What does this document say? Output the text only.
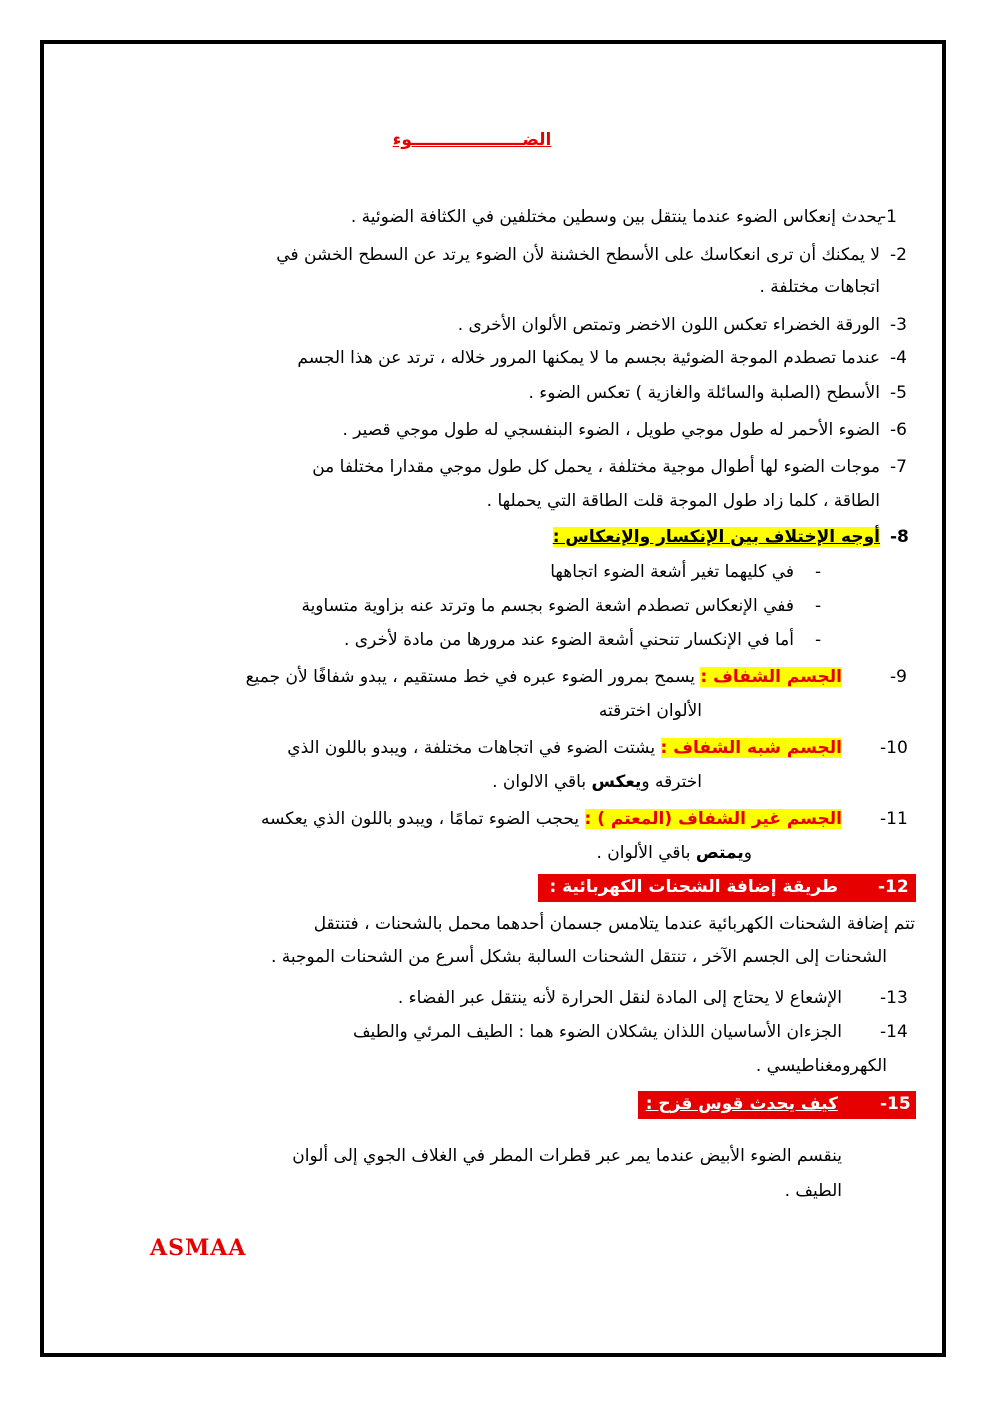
الضـــــــــــــــــــوء
يحدث إنعكاس الضوء عندما ينتقل بين وسطين مختلفين في الكثافة الضوئية .
-1
لا يمكنك أن ترى انعكاسك على الأسطح الخشنة لأن الضوء يرتد عن السطح الخشن في
اتجاهات مختلفة .
-2
الورقة الخضراء تعكس اللون الاخضر وتمتص الألوان الأخرى . -3
عندما تصطدم الموجة الضوئية بجسم ما لا يمكنها المرور خلاله ، ترتد عن هذا الجسم -4
الأسطح (الصلبة والسائلة والغازية ) تعكس الضوء . -5
الضوء الأحمر له طول موجي طويل ، الضوء البنفسجي له طول موجي قصير . -6
موجات الضوء لها أطوال موجية مختلفة ، يحمل كل طول موجي مقدارا مختلفا من
الطاقة ، كلما زاد طول الموجة قلت الطاقة التي يحملها .
-7
أوجه الإختلاف بين الإنكسار والإنعكاس : -8
في كليهما تغير أشعة الضوء اتجاهها -
ففي الإنعكاس تصطدم اشعة الضوء بجسم ما وترتد عنه بزاوية متساوية -
أما في الإنكسار تنحني أشعة الضوء عند مرورها من مادة لأخرى . -
الجسم الشفاف : يسمح بمرور الضوء عبره في خط مستقيم ، يبدو شفافًا لأن جميع
الألوان اخترقته
-9
الجسم شبه الشفاف : يشتت الضوء في اتجاهات مختلفة ، ويبدو باللون الذي
اخترقه ويعكس باقي الالوان .
-10
الجسم غير الشفاف (المعتم ) : يحجب الضوء تمامًا ، ويبدو باللون الذي يعكسه
ويمتص باقي الألوان .
-11
طريقة إضافة الشحنات الكهربائية : -12
تتم إضافة الشحنات الكهربائية عندما يتلامس جسمان أحدهما محمل بالشحنات ، فتنتقل
الشحنات إلى الجسم الآخر ، تنتقل الشحنات السالبة بشكل أسرع من الشحنات الموجبة .
الإشعاع لا يحتاج إلى المادة لنقل الحرارة لأنه ينتقل عبر الفضاء . -13
الجزءان الأساسيان اللذان يشكلان الضوء هما : الطيف المرئي والطيف
الكهرومغناطيسي .
-14
كيف يحدث قوس قزح : -15
ينقسم الضوء الأبيض عندما يمر عبر قطرات المطر في الغلاف الجوي إلى ألوان
الطيف .
ASMAA
